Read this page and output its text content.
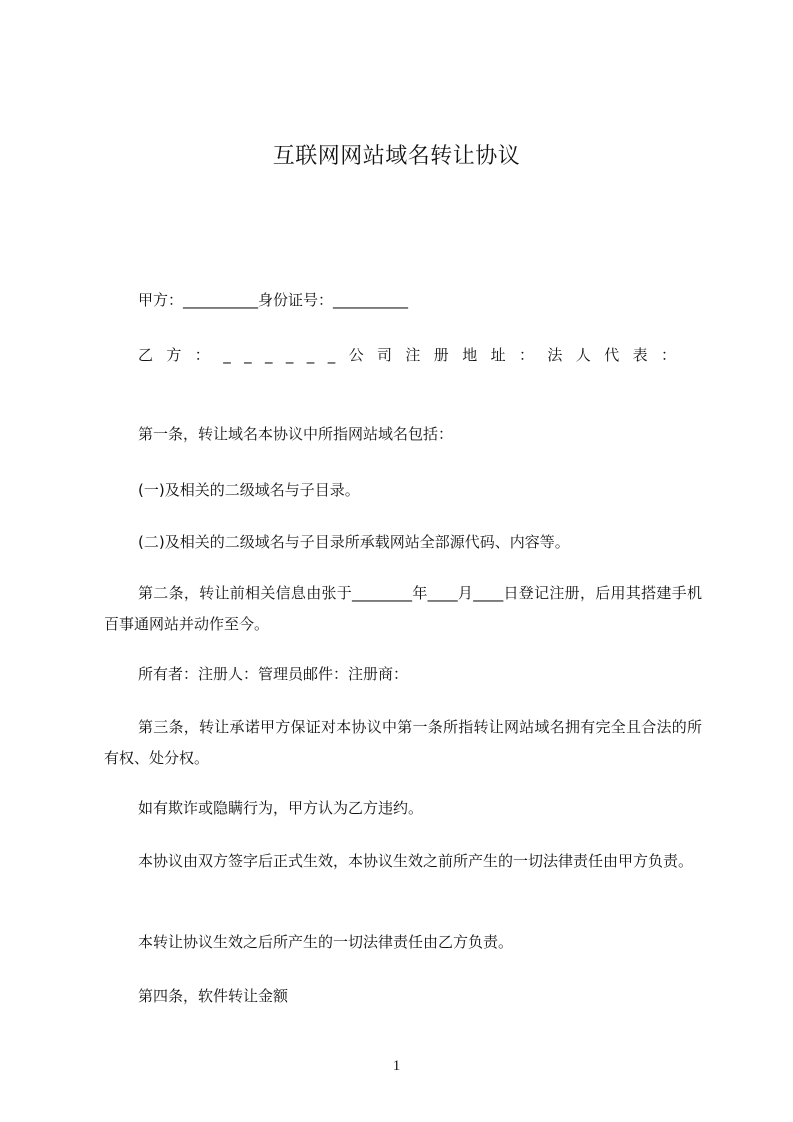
互联网网站域名转让协议
甲方：__________身份证号：__________
乙方：______公司注册地址：法人代表：
第一条，转让域名本协议中所指网站域名包括：
(一)及相关的二级域名与子目录。
(二)及相关的二级域名与子目录所承载网站全部源代码、内容等。
第二条，转让前相关信息由张于________年____月____日登记注册，后用其搭建手机百事通网站并动作至今。
所有者：注册人：管理员邮件：注册商：
第三条，转让承诺甲方保证对本协议中第一条所指转让网站域名拥有完全且合法的所有权、处分权。
如有欺诈或隐瞒行为，甲方认为乙方违约。
本协议由双方签字后正式生效，本协议生效之前所产生的一切法律责任由甲方负责。
本转让协议生效之后所产生的一切法律责任由乙方负责。
第四条，软件转让金额
1
